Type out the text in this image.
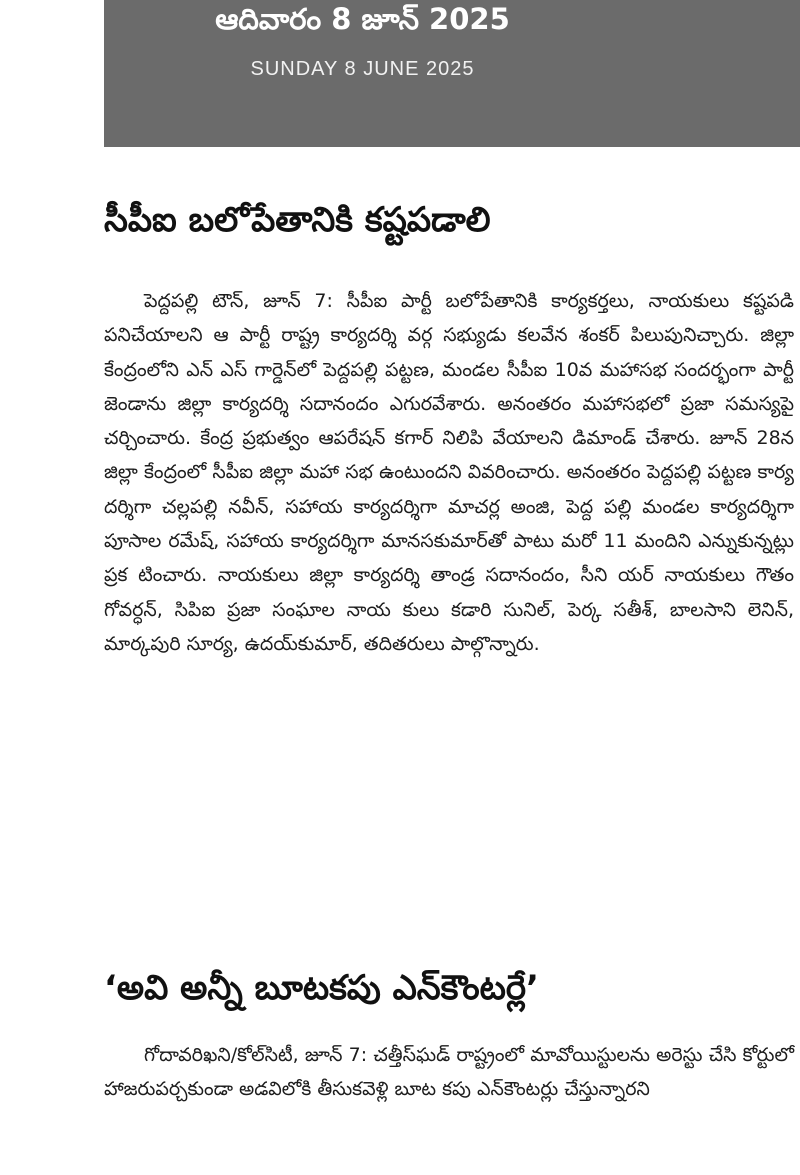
ఆదివారం 8 జూన్ 2025
SUNDAY 8 JUNE 2025
సీపీఐ బలోపేతానికి కష్టపడాలి

పెద్దపల్లి టౌన్, జూన్ 7: సీపీఐ పార్టీ బలోపేతానికి కార్యకర్తలు, నాయకులు కష్టపడి పనిచేయాలని ఆ పార్టీ రాష్ట్ర కార్యదర్శి వర్గ సభ్యుడు కలవేన శంకర్ పిలుపునిచ్చారు. జిల్లా కేంద్రంలోని ఎన్ ఎస్ గార్డెన్‌లో పెద్దపల్లి పట్టణ, మండల సీపీఐ 10వ మహాసభ సందర్భంగా పార్టీ జెండాను జిల్లా కార్యదర్శి సదానందం ఎగురవేశారు. అనంతరం మహాసభలో ప్రజా సమస్యపై చర్చించారు. కేంద్ర ప్రభుత్వం ఆపరేషన్ కగార్ నిలిపి వేయాలని డిమాండ్ చేశారు. జూన్ 28న జిల్లా కేంద్రంలో సీపీఐ జిల్లా మహా సభ ఉంటుందని వివరించారు. అనంతరం పెద్దపల్లి పట్టణ కార్య దర్శిగా చల్లపల్లి నవీన్, సహాయ కార్యదర్శిగా మాచర్ల అంజి, పెద్ద పల్లి మండల కార్యదర్శిగా పూసాల రమేష్, సహాయ కార్యదర్శిగా మానసకుమార్‌తో పాటు మరో 11 మందిని ఎన్నుకున్నట్లు ప్రక టించారు. నాయకులు జిల్లా కార్యదర్శి తాండ్ర సదానందం, సీని యర్ నాయకులు గౌతం గోవర్ధన్, సిపిఐ ప్రజా సంఘాల నాయ కులు కడారి సునిల్, పెర్క సతీశ్, బాలసాని లెనిన్, మార్కపురి సూర్య, ఉదయ్‌కుమార్, తదితరులు పాల్గొన్నారు.

‘అవి అన్నీ బూటకపు ఎన్‌కౌంటర్లే’

గోదావరిఖని/కోల్‌సిటీ, జూన్ 7: చత్తీస్‌ఘడ్ రాష్ట్రంలో మావోయిస్టులను అరెస్టు చేసి కోర్టులో హాజరుపర్చకుండా అడవిలోకి తీసుకవెళ్లి బూట కపు ఎన్‌కౌంటర్లు చేస్తున్నారని
